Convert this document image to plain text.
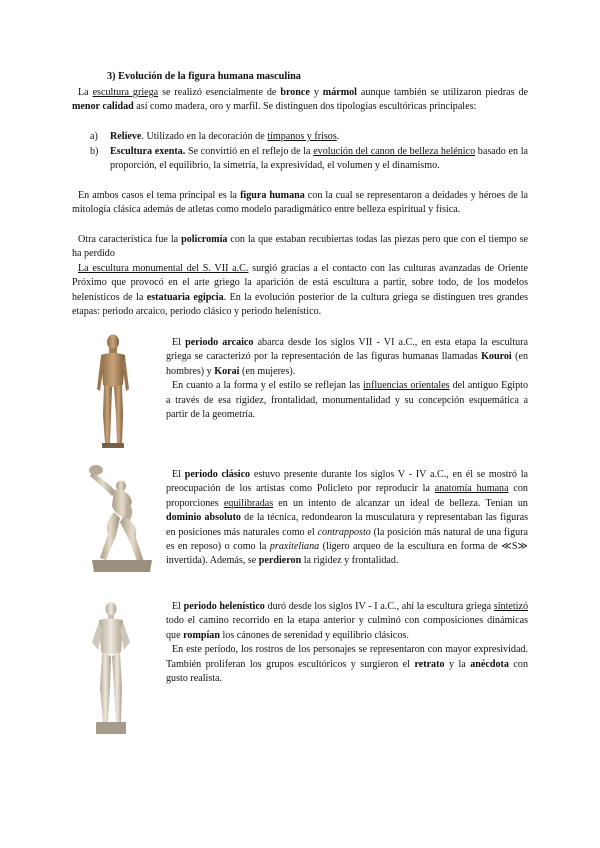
3) Evolución de la figura humana masculina

La escultura griega se realizó esencialmente de bronce y mármol aunque también se utilizaron piedras de menor calidad así como madera, oro y marfil. Se distinguen dos tipologías escultóricas principales:

a) Relieve. Utilizado en la decoración de tímpanos y frisos.
b) Escultura exenta. Se convirtió en el reflejo de la evolución del canon de belleza helénico basado en la proporción, el equilibrio, la simetría, la expresividad, el volumen y el dinamismo.

En ambos casos el tema principal es la figura humana con la cual se representaron a deidades y héroes de la mitología clásica además de atletas como modelo paradigmático entre belleza espiritual y física.

Otra característica fue la policromía con la que estaban recubiertas todas las piezas pero que con el tiempo se ha perdido

La escultura monumental del S. VII a.C. surgió gracias a el contacto con las culturas avanzadas de Oriente Próximo que provocó en el arte griego la aparición de está escultura a partir, sobre todo, de los modelos helenísticos de la estatuaria egipcia. En la evolución posterior de la cultura griega se distinguen tres grandes etapas: periodo arcaico, periodo clásico y periodo helenístico.

El periodo arcaico abarca desde los siglos VII - VI a.C., en esta etapa la escultura griega se caracterizó por la representación de las figuras humanas llamadas Kouroi (en hombres) y Korai (en mujeres).

En cuanto a la forma y el estilo se reflejan las influencias orientales del antiguo Egipto a través de esa rigidez, frontalidad, monumentalidad y su concepción esquemática a partir de la geometría.

El periodo clásico estuvo presente durante los siglos V - IV a.C., en él se mostró la preocupación de los artistas como Policleto por reproducir la anatomía humana con proporciones equilibradas en un intento de alcanzar un ideal de belleza. Tenían un dominio absoluto de la técnica, redondearon la musculatura y representaban las figuras en posiciones más naturales como el contrapposto (la posición más natural de una figura es en reposo) o como la praxiteliana (ligero arqueo de la escultura en forma de ≪S≫ invertida). Además, se perdieron la rigidez y frontalidad.

El periodo helenístico duró desde los siglos IV - I a.C., ahí la escultura griega sintetizó todo el camino recorrido en la etapa anterior y culminó con composiciones dinámicas que rompían los cánones de serenidad y equilibrio clásicos.

En este período, los rostros de los personajes se representaron con mayor expresividad. También proliferan los grupos escultóricos y surgieron el retrato y la anécdota con gusto realista.
